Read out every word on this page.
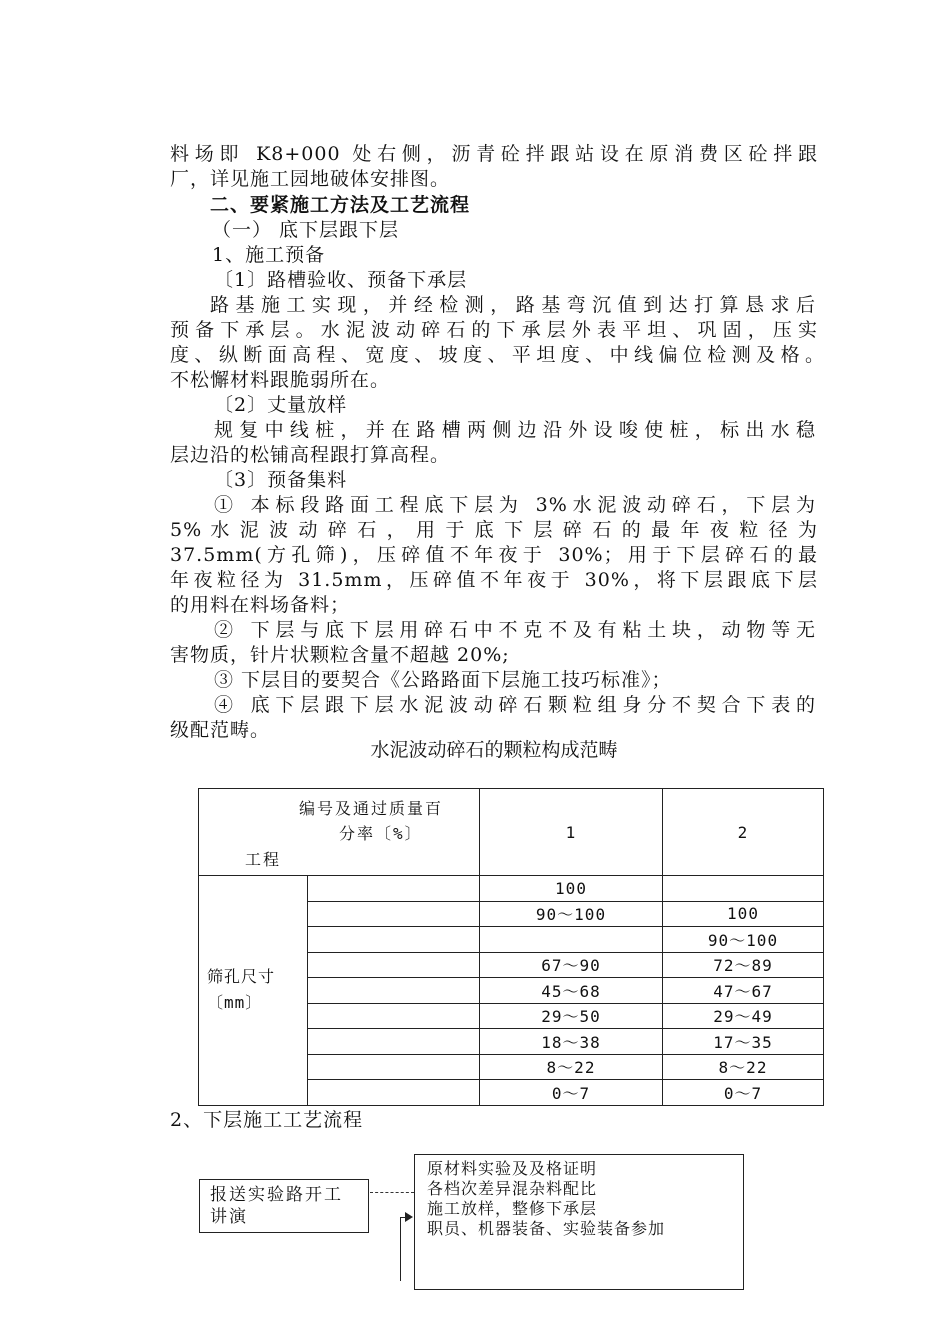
料场即 K8+000 处右侧，沥青砼拌跟站设在原消费区砼拌跟
厂，详见施工园地破体安排图。
二、要紧施工方法及工艺流程
（一） 底下层跟下层
1、施工预备
〔1〕路槽验收、预备下承层
路基施工实现，并经检测，路基弯沉值到达打算恳求后
预备下承层。水泥波动碎石的下承层外表平坦、巩固，压实
度、纵断面高程、宽度、坡度、平坦度、中线偏位检测及格。
不松懈材料跟脆弱所在。
〔2〕丈量放样
规复中线桩，并在路槽两侧边沿外设唆使桩，标出水稳
层边沿的松铺高程跟打算高程。
〔3〕预备集料
① 本标段路面工程底下层为 3%水泥波动碎石，下层为
5% 水 泥 波 动 碎 石 ， 用 于 底 下 层 碎 石 的 最 年 夜 粒 径 为
37.5mm(方孔筛)，压碎值不年夜于 30%；用于下层碎石的最
年夜粒径为 31.5mm，压碎值不年夜于 30%，将下层跟底下层
的用料在料场备料；
② 下层与底下层用碎石中不克不及有粘土块，动物等无
害物质，针片状颗粒含量不超越 20%;
③ 下层目的要契合《公路路面下层施工技巧标准》；
④ 底下层跟下层水泥波动碎石颗粒组身分不契合下表的
级配范畴。
水泥波动碎石的颗粒构成范畴
编号及通过质量百
分率〔%〕
工程		1	2

筛孔尺寸
〔mm〕		100	
		90～100	100
			90～100
		67～90	72～89
		45～68	47～67
		29～50	29～49
		18～38	17～35
		8～22	8～22
		0～7	0～7
2、下层施工工艺流程
报送实验路开工
讲演
原材料实验及及格证明
各档次差异混杂料配比
施工放样，整修下承层
职员、机器装备、实验装备参加
